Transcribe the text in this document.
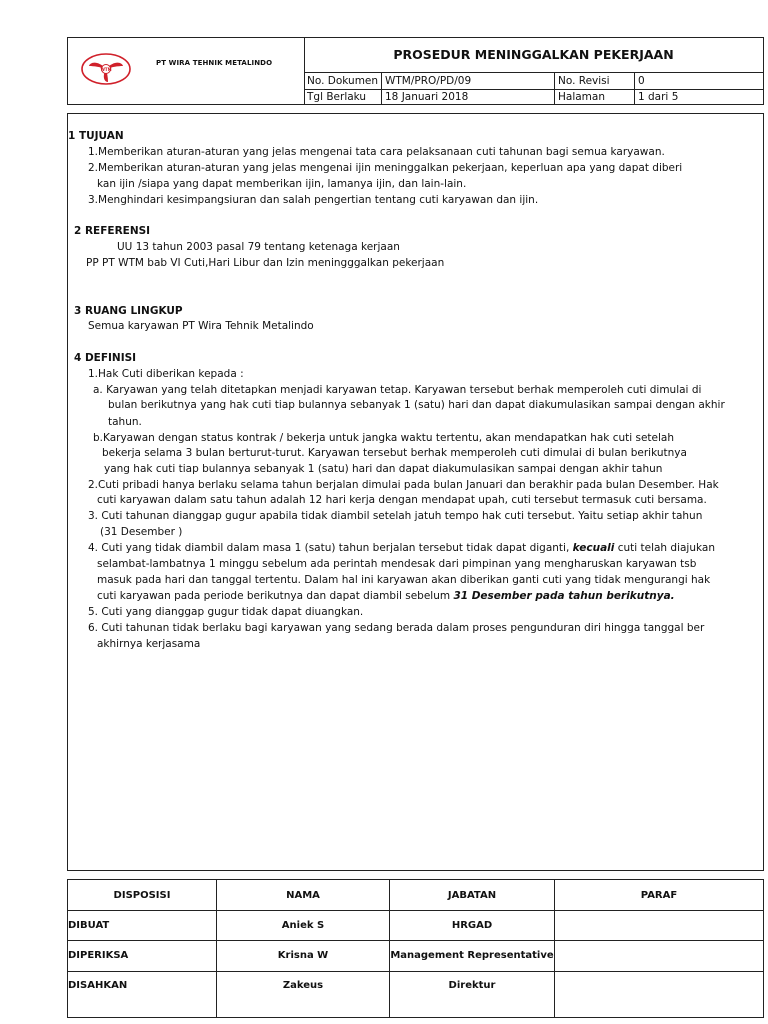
WTM
PT WIRA TEHNIK METALINDO
PROSEDUR MENINGGALKAN PEKERJAAN
No. Dokumen WTM/PRO/PD/09	No. Revisi	0
Tgl Berlaku	18 Januari 2018	Halaman	1 dari 5
1 TUJUAN
1.Memberikan aturan-aturan yang jelas mengenai tata cara pelaksanaan cuti tahunan bagi semua karyawan.
2.Memberikan aturan-aturan yang jelas mengenai ijin meninggalkan pekerjaan, keperluan apa yang dapat diberi
kan ijin /siapa yang dapat memberikan ijin, lamanya ijin, dan lain-lain.
3.Menghindari kesimpangsiuran dan salah pengertian tentang cuti karyawan dan ijin.
2 REFERENSI
UU 13 tahun 2003 pasal 79 tentang ketenaga kerjaan
PP PT WTM bab VI Cuti,Hari Libur dan Izin meningggalkan pekerjaan
3 RUANG LINGKUP
Semua karyawan PT Wira Tehnik Metalindo
4 DEFINISI
1.Hak Cuti diberikan kepada :
a. Karyawan yang telah ditetapkan menjadi karyawan tetap. Karyawan tersebut berhak memperoleh cuti dimulai di
bulan berikutnya yang hak cuti tiap bulannya sebanyak 1 (satu) hari dan dapat diakumulasikan sampai dengan akhir
tahun.
b.Karyawan dengan status kontrak / bekerja untuk jangka waktu tertentu, akan mendapatkan hak cuti setelah
bekerja selama 3 bulan berturut-turut. Karyawan tersebut berhak memperoleh cuti dimulai di bulan berikutnya
yang hak cuti tiap bulannya sebanyak 1 (satu) hari dan dapat diakumulasikan sampai dengan akhir tahun
2.Cuti pribadi hanya berlaku selama tahun berjalan dimulai pada bulan Januari dan berakhir pada bulan Desember. Hak
cuti karyawan dalam satu tahun adalah 12 hari kerja dengan mendapat upah, cuti tersebut termasuk cuti bersama.
3. Cuti tahunan dianggap gugur apabila tidak diambil setelah jatuh tempo hak cuti tersebut. Yaitu setiap akhir tahun
(31 Desember )
4. Cuti yang tidak diambil dalam masa 1 (satu) tahun berjalan tersebut tidak dapat diganti, kecuali cuti telah diajukan
selambat-lambatnya 1 minggu sebelum ada perintah mendesak dari pimpinan yang mengharuskan karyawan tsb
masuk pada hari dan tanggal tertentu. Dalam hal ini karyawan akan diberikan ganti cuti yang tidak mengurangi hak
cuti karyawan pada periode berikutnya dan dapat diambil sebelum 31 Desember pada tahun berikutnya.
5. Cuti yang dianggap gugur tidak dapat diuangkan.
6. Cuti tahunan tidak berlaku bagi karyawan yang sedang berada dalam proses pengunduran diri hingga tanggal ber
akhirnya kerjasama
DISPOSISI	NAMA	JABATAN	PARAF
DIBUAT	Aniek S	HRGAD
DIPERIKSA	Krisna W	Management Representative
DISAHKAN	Zakeus	Direktur
